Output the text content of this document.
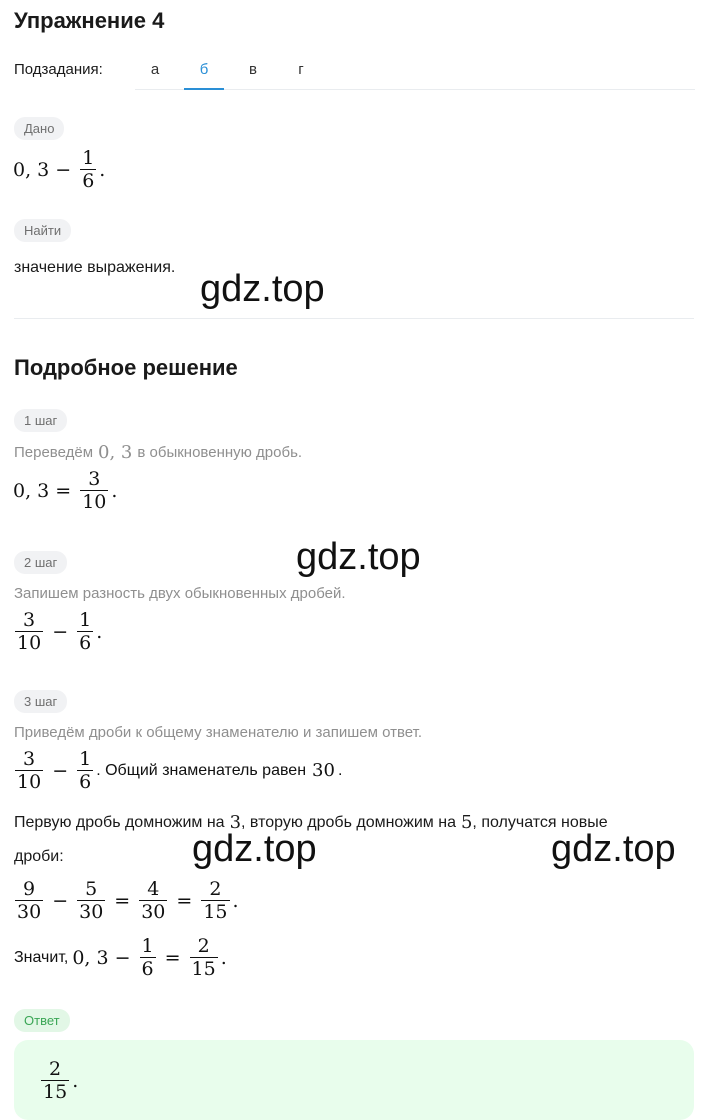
Упражнение 4
Подзадания:	а	б	в	г
Дано
0, $3 - \frac{1}{6}$ .
Найти
значение выражения.
gdz.top
Подробное решение
1 шаг
Переведём 0, 3 в обыкновенную дробь.
0, $3 = \frac{3}{10}$ .
gdz.top
2 шаг
Запишем разность двух обыкновенных дробей.
$\frac{3}{10} - \frac{1}{6}$ .
3 шаг
Приведём дроби к общему знаменателю и запишем ответ.
$\frac{3}{10} - \frac{1}{6}$ . Общий знаменатель равен 30 .
Первую дробь домножим на 3 , вторую дробь домножим на 5 , получатся новые
дроби:	gdz.top	gdz.top
$\frac{9}{30} - \frac{5}{30} = \frac{4}{30} = \frac{2}{15}$ .
Значит, 0, $3 - \frac{1}{6} = \frac{2}{15}$ .
Ответ
$\frac{2}{15}$ .
